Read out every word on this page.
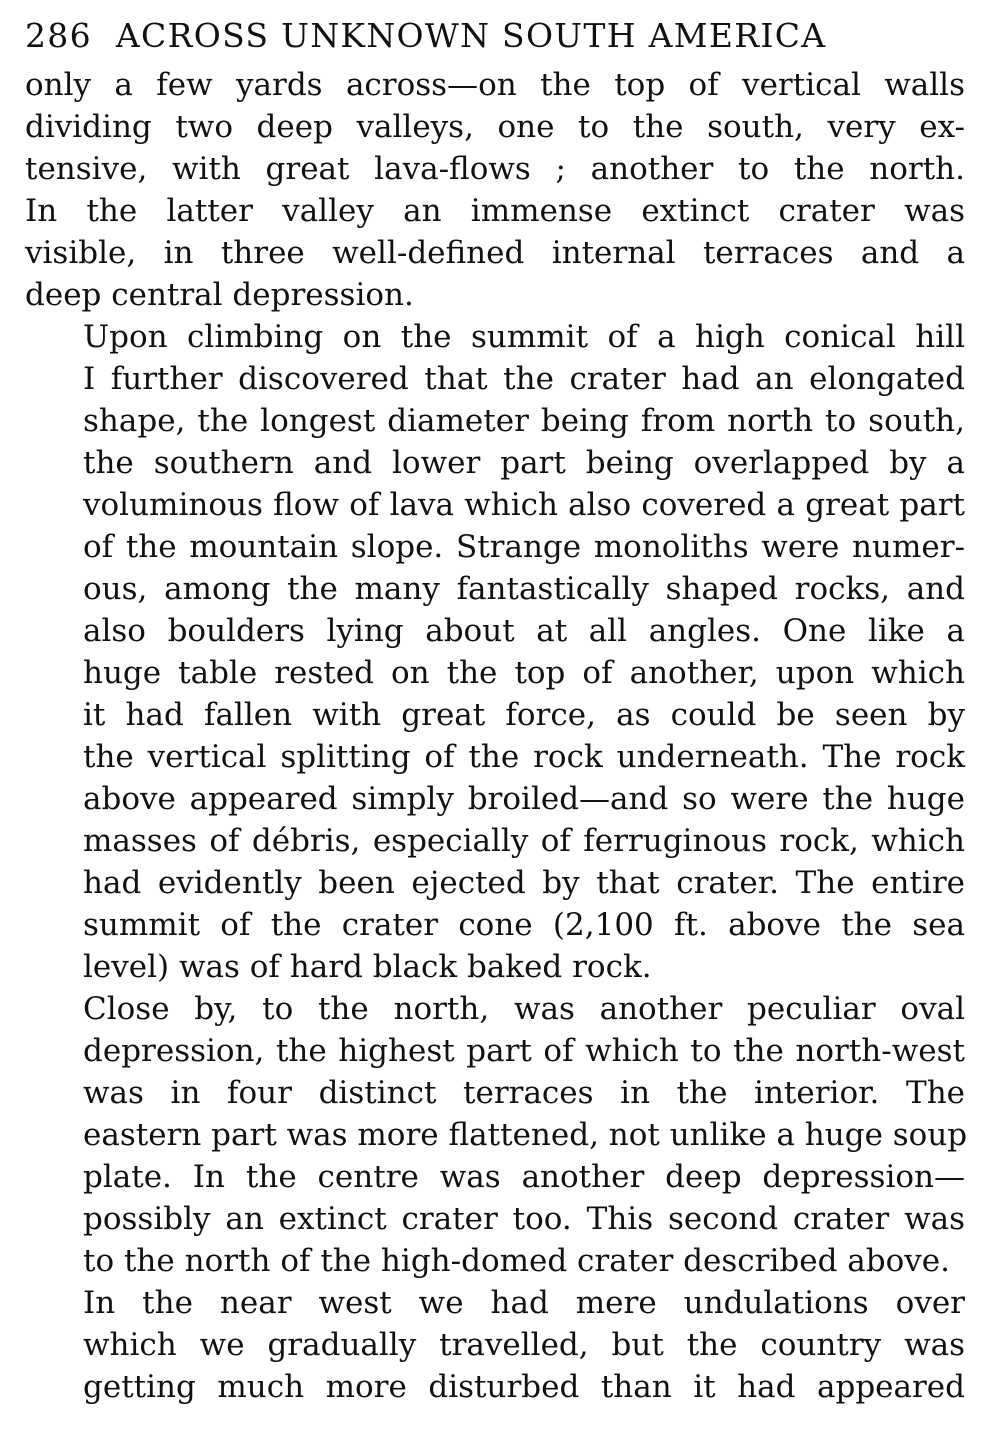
286 ACROSS UNKNOWN SOUTH AMERICA
only a few yards across—on the top of vertical walls
dividing two deep valleys, one to the south, very ex-
tensive, with great lava-flows ; another to the north.
In the latter valley an immense extinct crater was
visible, in three well-defined internal terraces and a
deep central depression.
Upon climbing on the summit of a high conical hill
I further discovered that the crater had an elongated
shape, the longest diameter being from north to south,
the southern and lower part being overlapped by a
voluminous flow of lava which also covered a great part
of the mountain slope. Strange monoliths were numer-
ous, among the many fantastically shaped rocks, and
also boulders lying about at all angles. One like a
huge table rested on the top of another, upon which
it had fallen with great force, as could be seen by
the vertical splitting of the rock underneath. The rock
above appeared simply broiled—and so were the huge
masses of débris, especially of ferruginous rock, which
had evidently been ejected by that crater. The entire
summit of the crater cone (2,100 ft. above the sea
level) was of hard black baked rock.
Close by, to the north, was another peculiar oval
depression, the highest part of which to the north-west
was in four distinct terraces in the interior. The
eastern part was more flattened, not unlike a huge soup
plate. In the centre was another deep depression—
possibly an extinct crater too. This second crater was
to the north of the high-domed crater described above.
In the near west we had mere undulations over
which we gradually travelled, but the country was
getting much more disturbed than it had appeared
